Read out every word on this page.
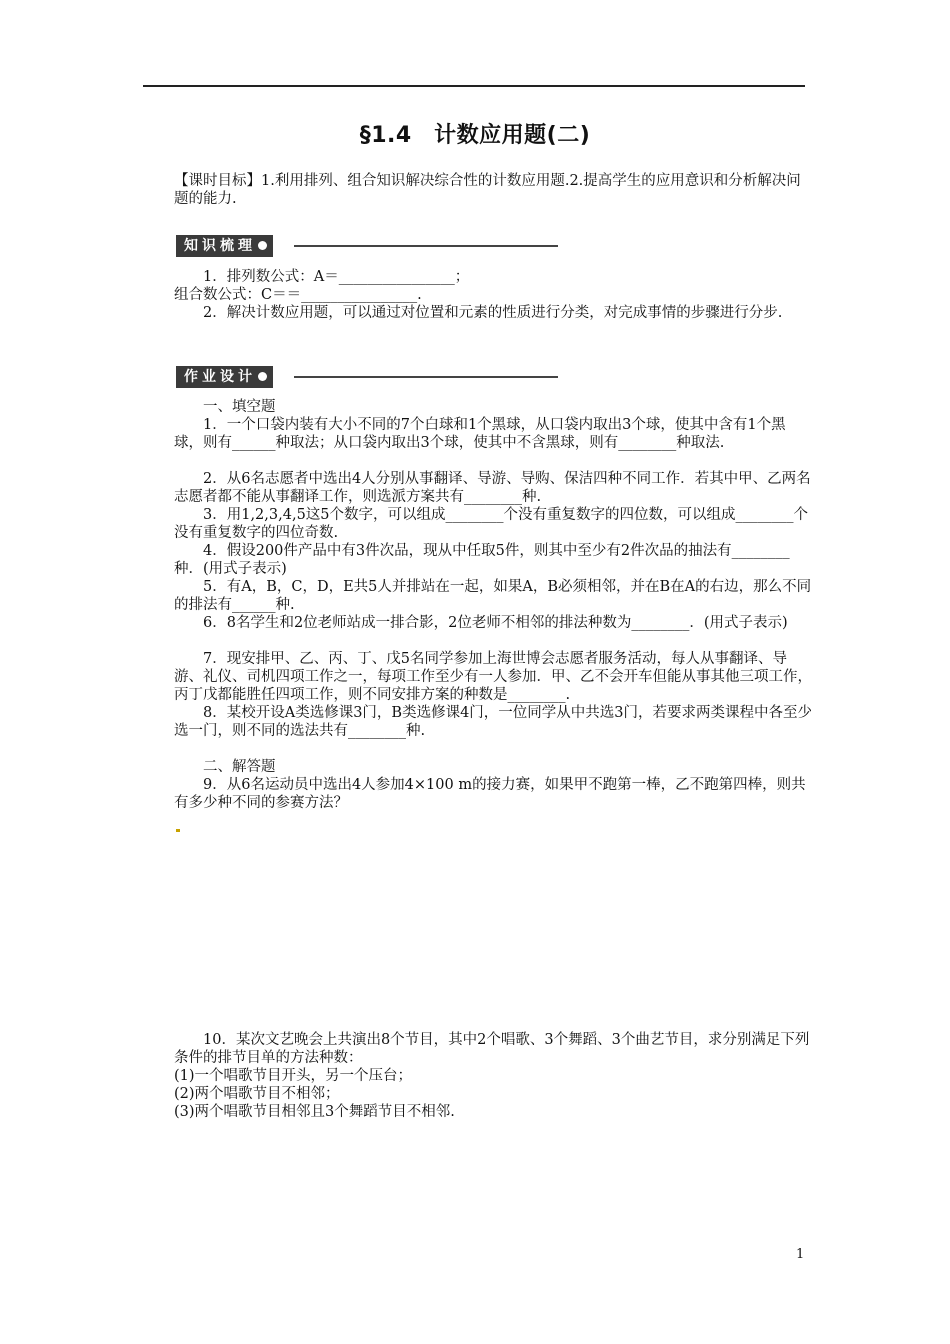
§1.4　计数应用题(二)
【课时目标】1.利用排列、组合知识解决综合性的计数应用题.2.提高学生的应用意识和分析解决问题的能力.
知识梳理
1．排列数公式：A＝________________；
组合数公式：C＝＝________________.
2．解决计数应用题，可以通过对位置和元素的性质进行分类，对完成事情的步骤进行分步.
作业设计
一、填空题
1．一个口袋内装有大小不同的7个白球和1个黑球，从口袋内取出3个球，使其中含有1个黑球，则有______种取法；从口袋内取出3个球，使其中不含黑球，则有________种取法.
2．从6名志愿者中选出4人分别从事翻译、导游、导购、保洁四种不同工作．若其中甲、乙两名志愿者都不能从事翻译工作，则选派方案共有________种.
3．用1,2,3,4,5这5个数字，可以组成________个没有重复数字的四位数，可以组成________个没有重复数字的四位奇数.
4．假设200件产品中有3件次品，现从中任取5件，则其中至少有2件次品的抽法有________种．(用式子表示)
5．有A，B，C，D，E共5人并排站在一起，如果A，B必须相邻，并在B在A的右边，那么不同的排法有______种.
6．8名学生和2位老师站成一排合影，2位老师不相邻的排法种数为________．(用式子表示)
7．现安排甲、乙、丙、丁、戊5名同学参加上海世博会志愿者服务活动，每人从事翻译、导游、礼仪、司机四项工作之一，每项工作至少有一人参加．甲、乙不会开车但能从事其他三项工作，丙丁戊都能胜任四项工作，则不同安排方案的种数是________.
8．某校开设A类选修课3门，B类选修课4门，一位同学从中共选3门，若要求两类课程中各至少选一门，则不同的选法共有________种.
二、解答题
9．从6名运动员中选出4人参加4×100 m的接力赛，如果甲不跑第一棒，乙不跑第四棒，则共有多少种不同的参赛方法？
10．某次文艺晚会上共演出8个节目，其中2个唱歌、3个舞蹈、3个曲艺节目，求分别满足下列条件的排节目单的方法种数：
(1)一个唱歌节目开头，另一个压台；
(2)两个唱歌节目不相邻；
(3)两个唱歌节目相邻且3个舞蹈节目不相邻.
1
